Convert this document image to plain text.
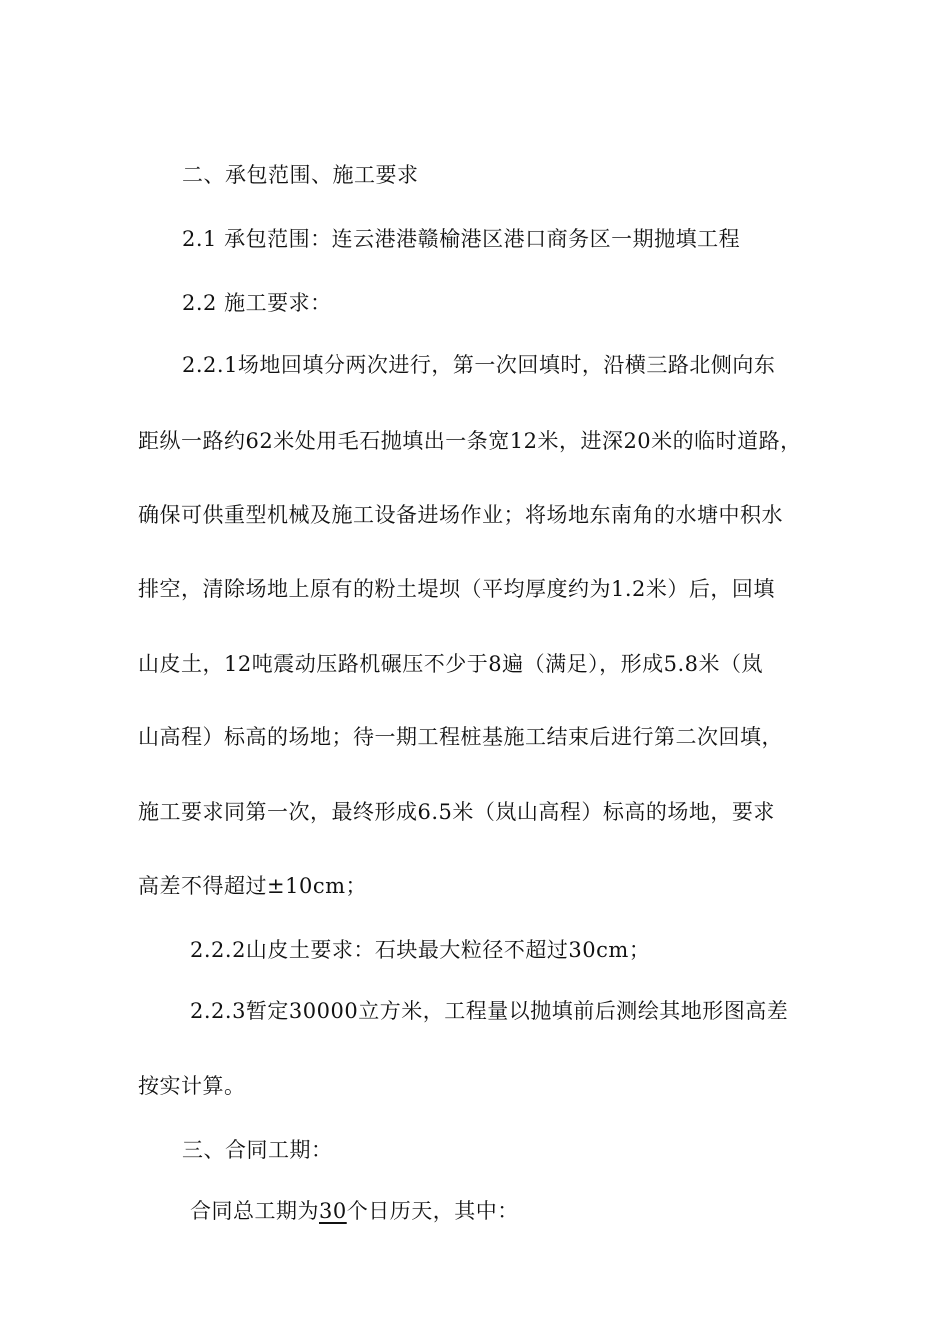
二、承包范围、施工要求
2.1 承包范围：连云港港赣榆港区港口商务区一期抛填工程
2.2 施工要求：
2.2.1场地回填分两次进行，第一次回填时，沿横三路北侧向东
距纵一路约62米处用毛石抛填出一条宽12米，进深20米的临时道路，
确保可供重型机械及施工设备进场作业；将场地东南角的水塘中积水
排空，清除场地上原有的粉土堤坝（平均厚度约为1.2米）后，回填
山皮土，12吨震动压路机碾压不少于8遍（满足），形成5.8米（岚
山高程）标高的场地；待一期工程桩基施工结束后进行第二次回填，
施工要求同第一次，最终形成6.5米（岚山高程）标高的场地，要求
高差不得超过±10cm；
2.2.2山皮土要求：石块最大粒径不超过30cm；
2.2.3暂定30000立方米，工程量以抛填前后测绘其地形图高差
按实计算。
三、合同工期：
合同总工期为30个日历天，其中：
